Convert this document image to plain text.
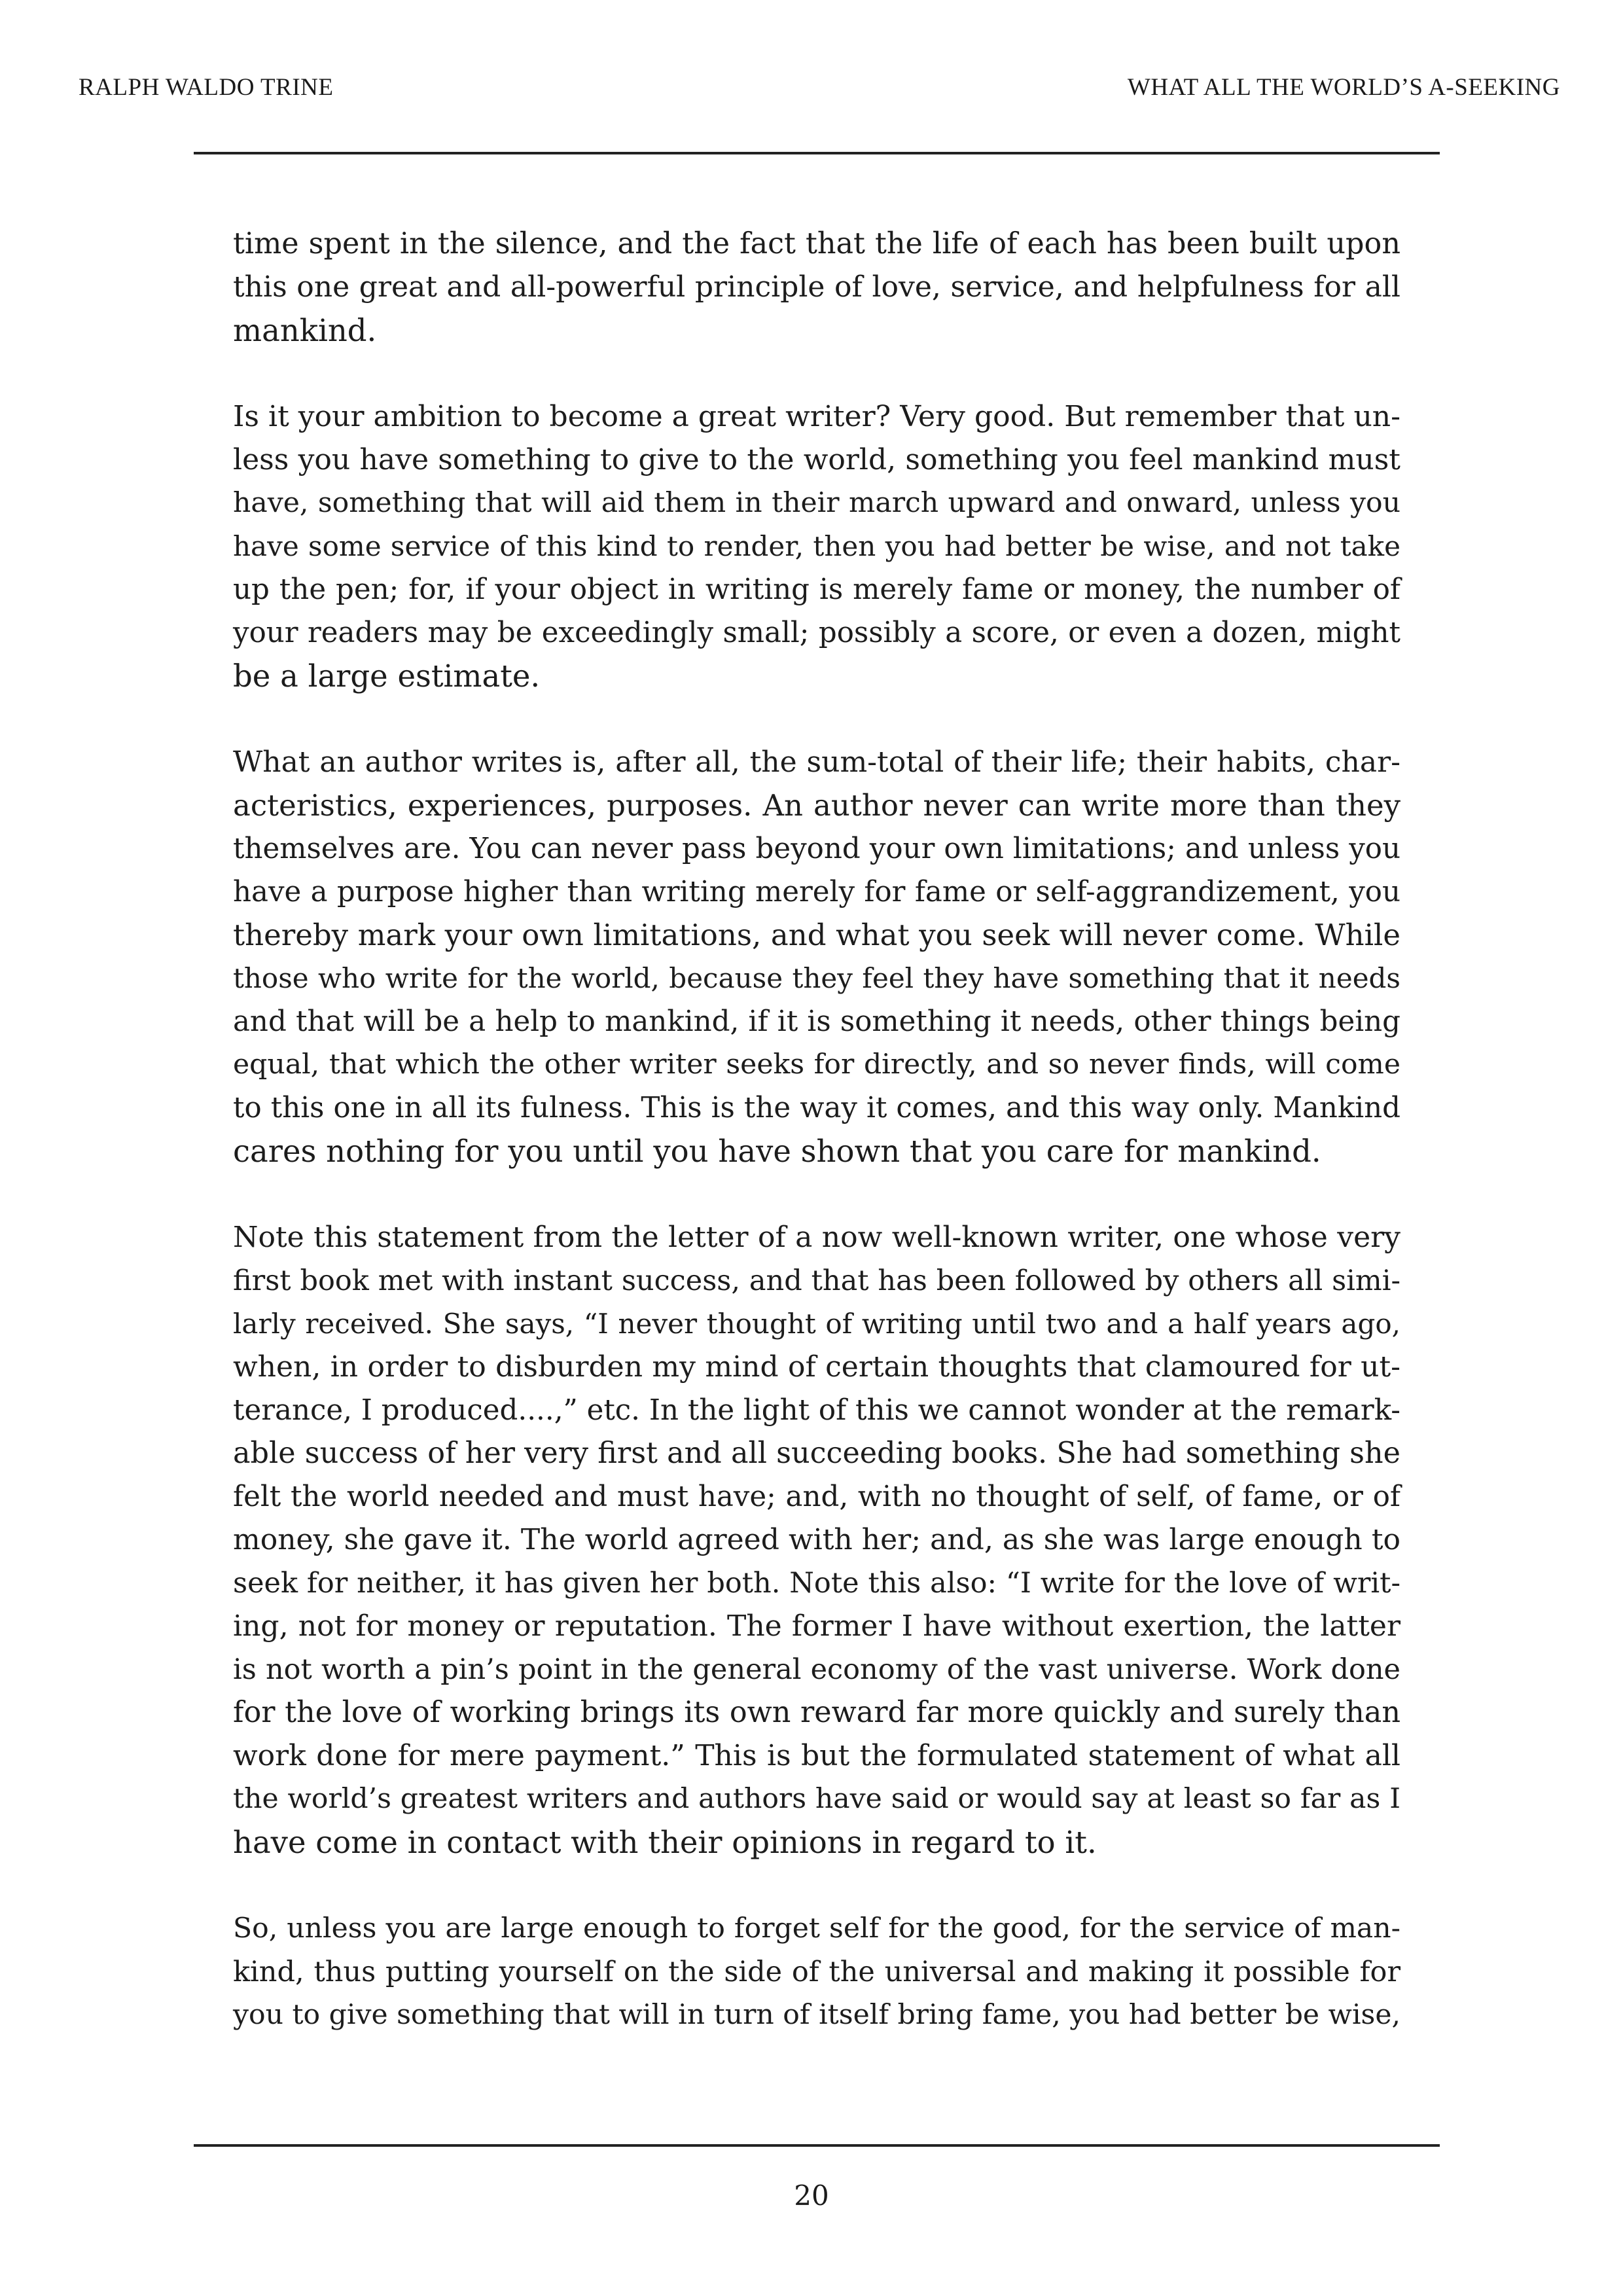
RALPH WALDO TRINE	WHAT ALL THE WORLD’S A-SEEKING
time spent in the silence, and the fact that the life of each has been built upon
this one great and all-powerful principle of love, service, and helpfulness for all
mankind.
Is it your ambition to become a great writer? Very good. But remember that un-
less you have something to give to the world, something you feel mankind must
have, something that will aid them in their march upward and onward, unless you
have some service of this kind to render, then you had better be wise, and not take
up the pen; for, if your object in writing is merely fame or money, the number of
your readers may be exceedingly small; possibly a score, or even a dozen, might
be a large estimate.
What an author writes is, after all, the sum-total of their life; their habits, char-
acteristics, experiences, purposes. An author never can write more than they
themselves are. You can never pass beyond your own limitations; and unless you
have a purpose higher than writing merely for fame or self-aggrandizement, you
thereby mark your own limitations, and what you seek will never come. While
those who write for the world, because they feel they have something that it needs
and that will be a help to mankind, if it is something it needs, other things being
equal, that which the other writer seeks for directly, and so never finds, will come
to this one in all its fulness. This is the way it comes, and this way only. Mankind
cares nothing for you until you have shown that you care for mankind.
Note this statement from the letter of a now well-known writer, one whose very
first book met with instant success, and that has been followed by others all simi-
larly received. She says, “I never thought of writing until two and a half years ago,
when, in order to disburden my mind of certain thoughts that clamoured for ut-
terance, I produced....,” etc. In the light of this we cannot wonder at the remark-
able success of her very first and all succeeding books. She had something she
felt the world needed and must have; and, with no thought of self, of fame, or of
money, she gave it. The world agreed with her; and, as she was large enough to
seek for neither, it has given her both. Note this also: “I write for the love of writ-
ing, not for money or reputation. The former I have without exertion, the latter
is not worth a pin’s point in the general economy of the vast universe. Work done
for the love of working brings its own reward far more quickly and surely than
work done for mere payment.” This is but the formulated statement of what all
the world’s greatest writers and authors have said or would say at least so far as I
have come in contact with their opinions in regard to it.
So, unless you are large enough to forget self for the good, for the service of man-
kind, thus putting yourself on the side of the universal and making it possible for
you to give something that will in turn of itself bring fame, you had better be wise,
20
